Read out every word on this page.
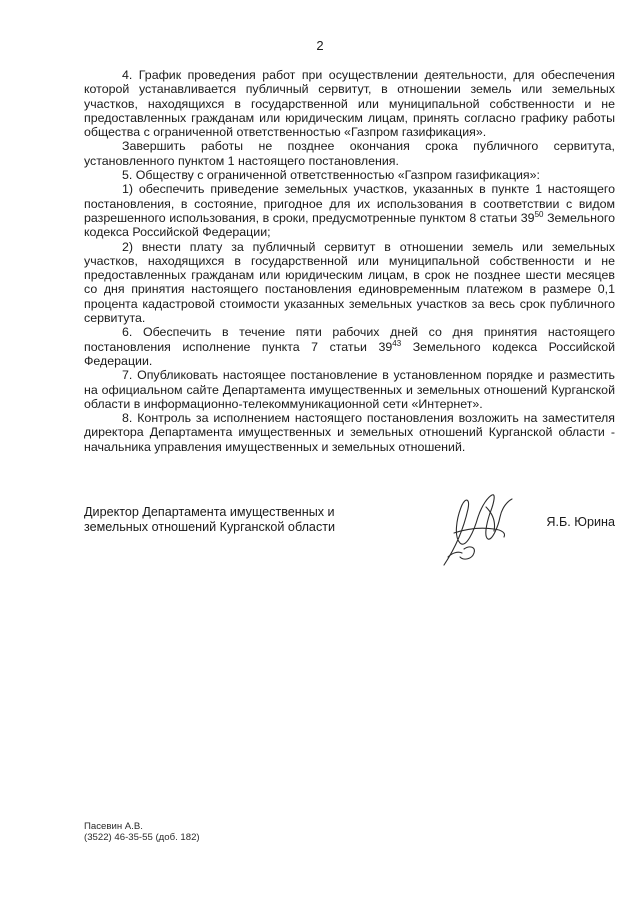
2

4. График проведения работ при осуществлении деятельности, для обеспечения которой устанавливается публичный сервитут, в отношении земель или земельных участков, находящихся в государственной или муниципальной собственности и не предоставленных гражданам или юридическим лицам, принять согласно графику работы общества с ограниченной ответственностью «Газпром газификация».

Завершить работы не позднее окончания срока публичного сервитута, установленного пунктом 1 настоящего постановления.

5. Обществу с ограниченной ответственностью «Газпром газификация»:

1) обеспечить приведение земельных участков, указанных в пункте 1 настоящего постановления, в состояние, пригодное для их использования в соответствии с видом разрешенного использования, в сроки, предусмотренные пунктом 8 статьи $39^{50}$ Земельного кодекса Российской Федерации;

2) внести плату за публичный сервитут в отношении земель или земельных участков, находящихся в государственной или муниципальной собственности и не предоставленных гражданам или юридическим лицам, в срок не позднее шести месяцев со дня принятия настоящего постановления единовременным платежом в размере 0,1 процента кадастровой стоимости указанных земельных участков за весь срок публичного сервитута.

6. Обеспечить в течение пяти рабочих дней со дня принятия настоящего постановления исполнение пункта 7 статьи $39^{43}$ Земельного кодекса Российской Федерации.

7. Опубликовать настоящее постановление в установленном порядке и разместить на официальном сайте Департамента имущественных и земельных отношений Курганской области в информационно-телекоммуникационной сети «Интернет».

8. Контроль за исполнением настоящего постановления возложить на заместителя директора Департамента имущественных и земельных отношений Курганской области - начальника управления имущественных и земельных отношений.

Директор Департамента имущественных и
земельных отношений Курганской области	Я.Б. Юрина
Пасевин А.В.
(3522) 46-35-55 (доб. 182)
